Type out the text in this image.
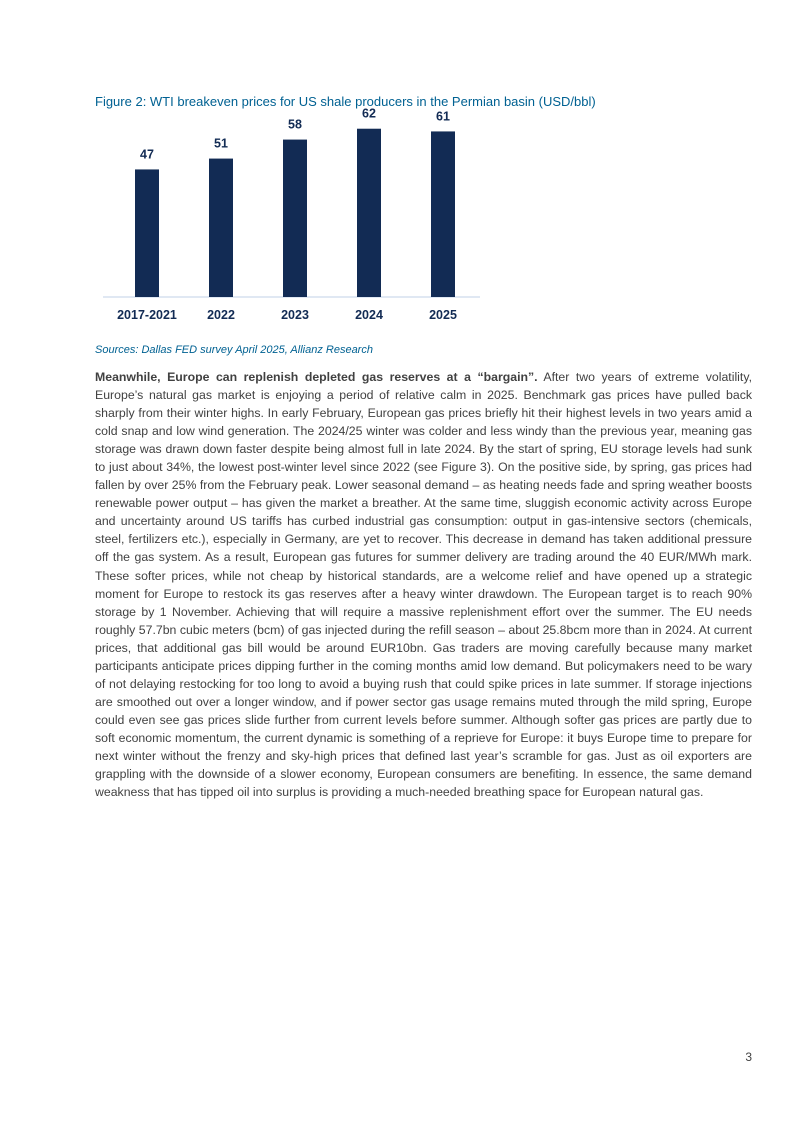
Figure 2: WTI breakeven prices for US shale producers in the Permian basin (USD/bbl)
47
2017-2021
51
2022
58
2023
62
2024
61
2025
Sources: Dallas FED survey April 2025, Allianz Research
Meanwhile, Europe can replenish depleted gas reserves at a “bargain”. After two years of extreme volatility, Europe’s natural gas market is enjoying a period of relative calm in 2025. Benchmark gas prices have pulled back sharply from their winter highs. In early February, European gas prices briefly hit their highest levels in two years amid a cold snap and low wind generation. The 2024/25 winter was colder and less windy than the previous year, meaning gas storage was drawn down faster despite being almost full in late 2024. By the start of spring, EU storage levels had sunk to just about 34%, the lowest post-winter level since 2022 (see Figure 3). On the positive side, by spring, gas prices had fallen by over 25% from the February peak. Lower seasonal demand – as heating needs fade and spring weather boosts renewable power output – has given the market a breather. At the same time, sluggish economic activity across Europe and uncertainty around US tariffs has curbed industrial gas consumption: output in gas-intensive sectors (chemicals, steel, fertilizers etc.), especially in Germany, are yet to recover. This decrease in demand has taken additional pressure off the gas system. As a result, European gas futures for summer delivery are trading around the 40 EUR/MWh mark. These softer prices, while not cheap by historical standards, are a welcome relief and have opened up a strategic moment for Europe to restock its gas reserves after a heavy winter drawdown. The European target is to reach 90% storage by 1 November. Achieving that will require a massive replenishment effort over the summer. The EU needs roughly 57.7bn cubic meters (bcm) of gas injected during the refill season – about 25.8bcm more than in 2024. At current prices, that additional gas bill would be around EUR10bn. Gas traders are moving carefully because many market participants anticipate prices dipping further in the coming months amid low demand. But policymakers need to be wary of not delaying restocking for too long to avoid a buying rush that could spike prices in late summer. If storage injections are smoothed out over a longer window, and if power sector gas usage remains muted through the mild spring, Europe could even see gas prices slide further from current levels before summer. Although softer gas prices are partly due to soft economic momentum, the current dynamic is something of a reprieve for Europe: it buys Europe time to prepare for next winter without the frenzy and sky-high prices that defined last year’s scramble for gas. Just as oil exporters are grappling with the downside of a slower economy, European consumers are benefiting. In essence, the same demand weakness that has tipped oil into surplus is providing a much-needed breathing space for European natural gas.
3
